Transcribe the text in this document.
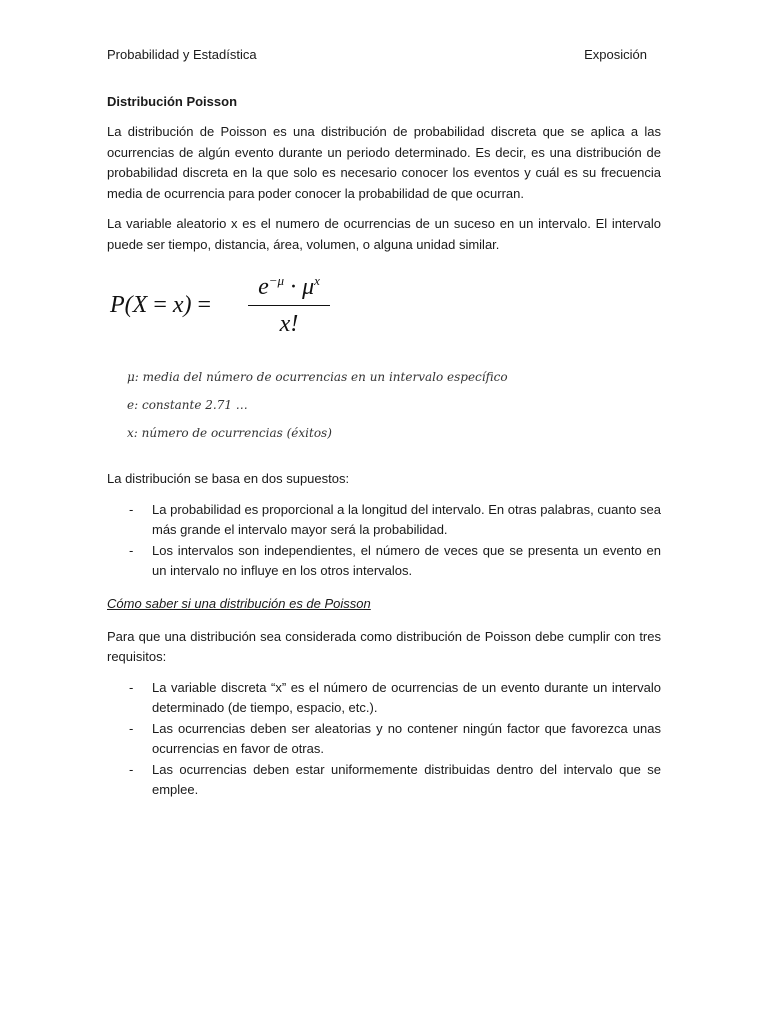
Probabilidad y Estadística	Exposición
Distribución Poisson

La distribución de Poisson es una distribución de probabilidad discreta que se aplica a las ocurrencias de algún evento durante un periodo determinado. Es decir, es una distribución de probabilidad discreta en la que solo es necesario conocer los eventos y cuál es su frecuencia media de ocurrencia para poder conocer la probabilidad de que ocurran.

La variable aleatorio x es el numero de ocurrencias de un suceso en un intervalo. El intervalo puede ser tiempo, distancia, área, volumen, o alguna unidad similar.

P(X = x) =
$e^{-\mu} \cdot \mu^x$
x!
μ: media del número de ocurrencias en un intervalo específico
e: constante 2.71 …
x: número de ocurrencias (éxitos)

La distribución se basa en dos supuestos:

- La probabilidad es proporcional a la longitud del intervalo. En otras palabras, cuanto sea más grande el intervalo mayor será la probabilidad.
- Los intervalos son independientes, el número de veces que se presenta un evento en un intervalo no influye en los otros intervalos.
Cómo saber si una distribución es de Poisson

Para que una distribución sea considerada como distribución de Poisson debe cumplir con tres requisitos:

- La variable discreta “x” es el número de ocurrencias de un evento durante un intervalo determinado (de tiempo, espacio, etc.).
- Las ocurrencias deben ser aleatorias y no contener ningún factor que favorezca unas ocurrencias en favor de otras.
- Las ocurrencias deben estar uniformemente distribuidas dentro del intervalo que se emplee.
